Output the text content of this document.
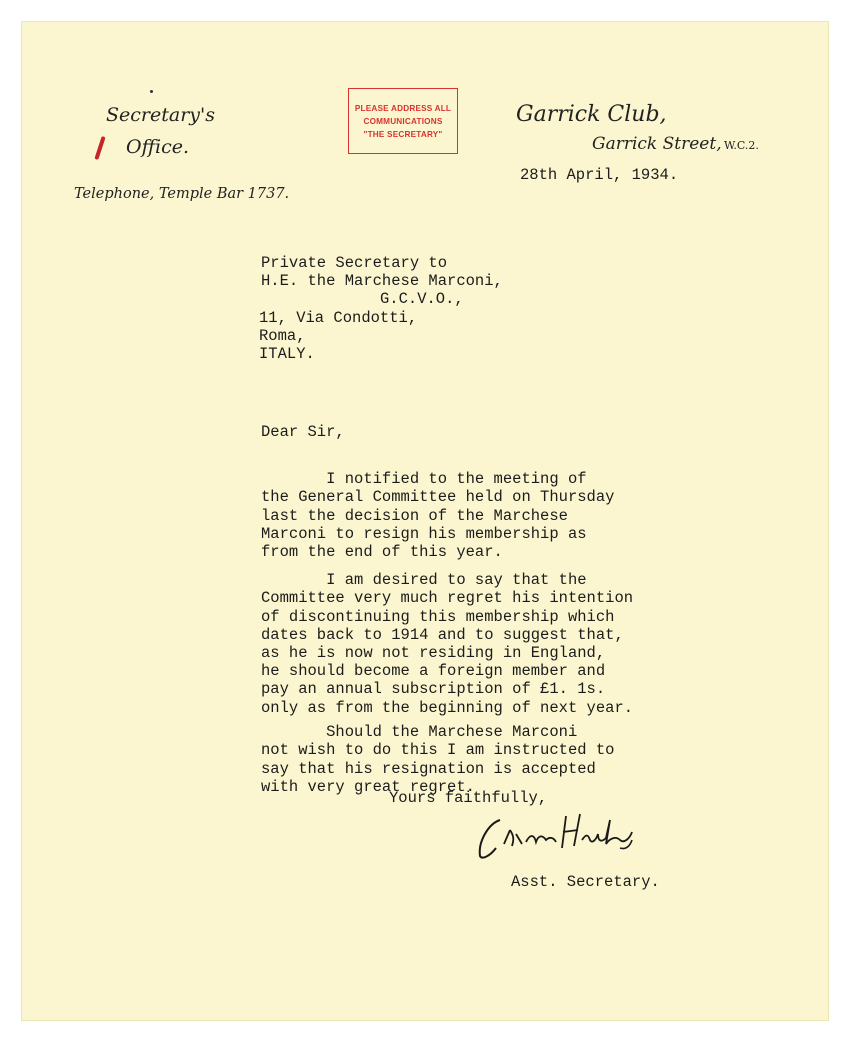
Secretary's
Office.
Telephone, Temple Bar 1737.
PLEASE ADDRESS ALL
COMMUNICATIONS
"THE SECRETARY"
Garrick Club,
Garrick Street, W.C.2.
28th April, 1934.
Private Secretary to
H.E. the Marchese Marconi,
G.C.V.O.,
11, Via Condotti,
Roma,
ITALY.
Dear Sir,

I notified to the meeting of
the General Committee held on Thursday
last the decision of the Marchese
Marconi to resign his membership as
from the end of this year.

I am desired to say that the
Committee very much regret his intention
of discontinuing this membership which
dates back to 1914 and to suggest that,
as he is now not residing in England,
he should become a foreign member and
pay an annual subscription of £1. 1s.
only as from the beginning of next year.

Should the Marchese Marconi
not wish to do this I am instructed to
say that his resignation is accepted
with very great regret.
Yours faithfully,
Asst. Secretary.
